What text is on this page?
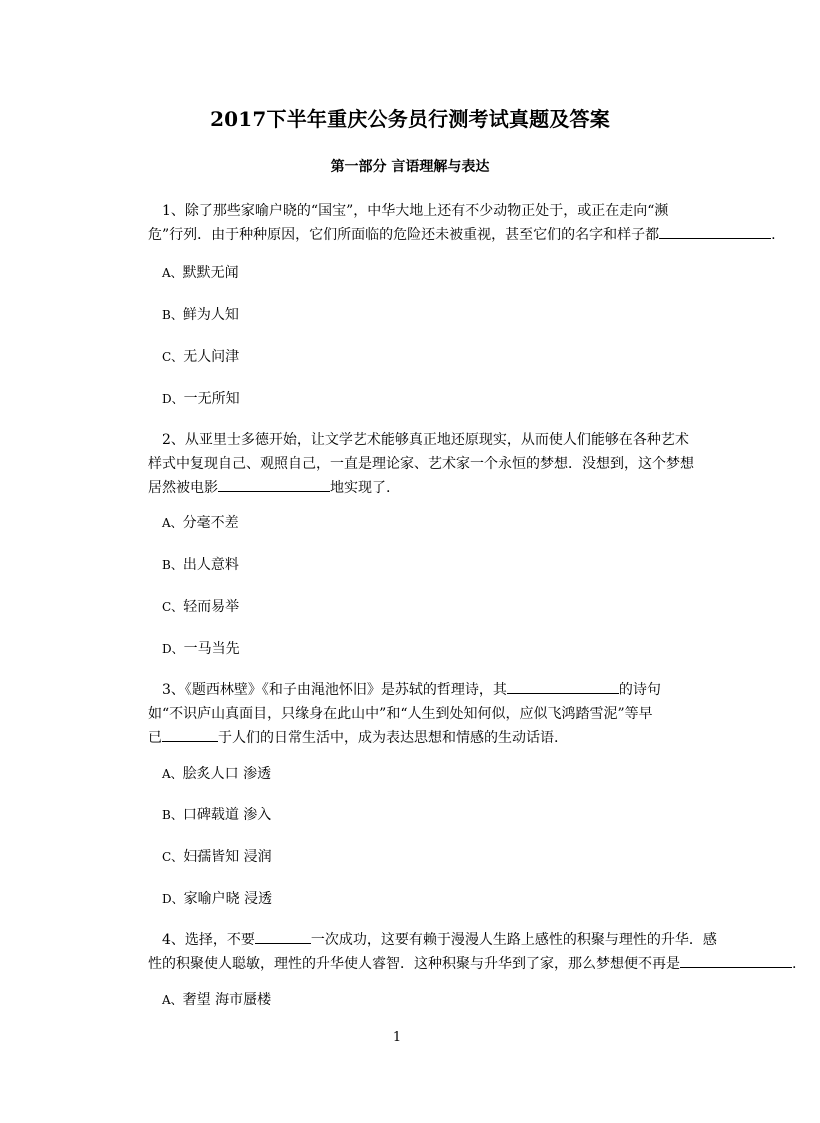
2017下半年重庆公务员行测考试真题及答案
第一部分 言语理解与表达
1、除了那些家喻户晓的“国宝”，中华大地上还有不少动物正处于，或正在走向“濒
危”行列．由于种种原因，它们所面临的危险还未被重视，甚至它们的名字和样子都	.
A、默默无闻
B、鲜为人知
C、无人问津
D、一无所知
2、从亚里士多德开始，让文学艺术能够真正地还原现实，从而使人们能够在各种艺术
样式中复现自己、观照自己，一直是理论家、艺术家一个永恒的梦想．没想到，这个梦想
居然被电影	地实现了.
A、分毫不差
B、出人意料
C、轻而易举
D、一马当先
3、《题西林壁》《和子由渑池怀旧》是苏轼的哲理诗，其	的诗句
如“不识庐山真面目，只缘身在此山中”和“人生到处知何似，应似飞鸿踏雪泥”等早
已	于人们的日常生活中，成为表达思想和情感的生动话语.
A、脍炙人口 渗透
B、口碑载道 渗入
C、妇孺皆知 浸润
D、家喻户晓 浸透
4、选择，不要	一次成功，这要有赖于漫漫人生路上感性的积聚与理性的升华．感
性的积聚使人聪敏，理性的升华使人睿智．这种积聚与升华到了家，那么梦想便不再是	.
A、奢望 海市蜃楼
1
